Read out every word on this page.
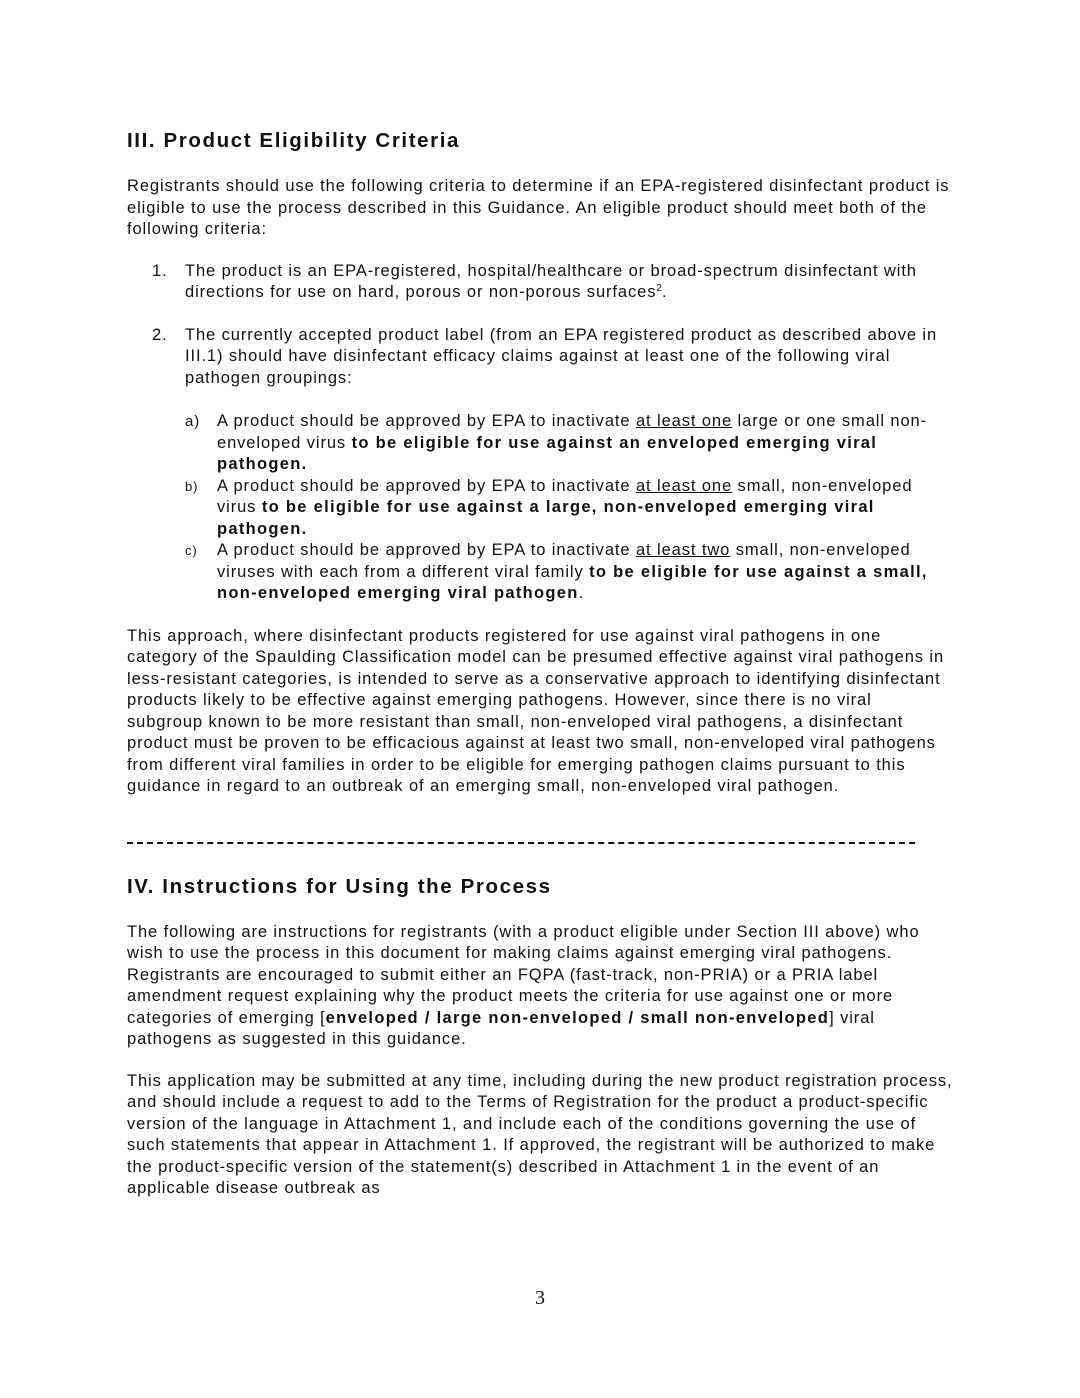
III. Product Eligibility Criteria

Registrants should use the following criteria to determine if an EPA-registered disinfectant product is eligible to use the process described in this Guidance. An eligible product should meet both of the following criteria:

1. The product is an EPA-registered, hospital/healthcare or broad-spectrum disinfectant with directions for use on hard, porous or non-porous surfaces$^2$.
2. The currently accepted product label (from an EPA registered product as described above in III.1) should have disinfectant efficacy claims against at least one of the following viral pathogen groupings:
a) A product should be approved by EPA to inactivate at least one large or one small non-enveloped virus to be eligible for use against an enveloped emerging viral pathogen.
b) A product should be approved by EPA to inactivate at least one small, non-enveloped virus to be eligible for use against a large, non-enveloped emerging viral pathogen.
c) A product should be approved by EPA to inactivate at least two small, non-enveloped viruses with each from a different viral family to be eligible for use against a small, non-enveloped emerging viral pathogen.

This approach, where disinfectant products registered for use against viral pathogens in one category of the Spaulding Classification model can be presumed effective against viral pathogens in less-resistant categories, is intended to serve as a conservative approach to identifying disinfectant products likely to be effective against emerging pathogens. However, since there is no viral subgroup known to be more resistant than small, non-enveloped viral pathogens, a disinfectant product must be proven to be efficacious against at least two small, non-enveloped viral pathogens from different viral families in order to be eligible for emerging pathogen claims pursuant to this guidance in regard to an outbreak of an emerging small, non-enveloped viral pathogen.

IV. Instructions for Using the Process

The following are instructions for registrants (with a product eligible under Section III above) who wish to use the process in this document for making claims against emerging viral pathogens. Registrants are encouraged to submit either an FQPA (fast-track, non-PRIA) or a PRIA label amendment request explaining why the product meets the criteria for use against one or more categories of emerging [enveloped / large non-enveloped / small non-enveloped] viral pathogens as suggested in this guidance.

This application may be submitted at any time, including during the new product registration process, and should include a request to add to the Terms of Registration for the product a product-specific version of the language in Attachment 1, and include each of the conditions governing the use of such statements that appear in Attachment 1. If approved, the registrant will be authorized to make the product-specific version of the statement(s) described in Attachment 1 in the event of an applicable disease outbreak as

3
